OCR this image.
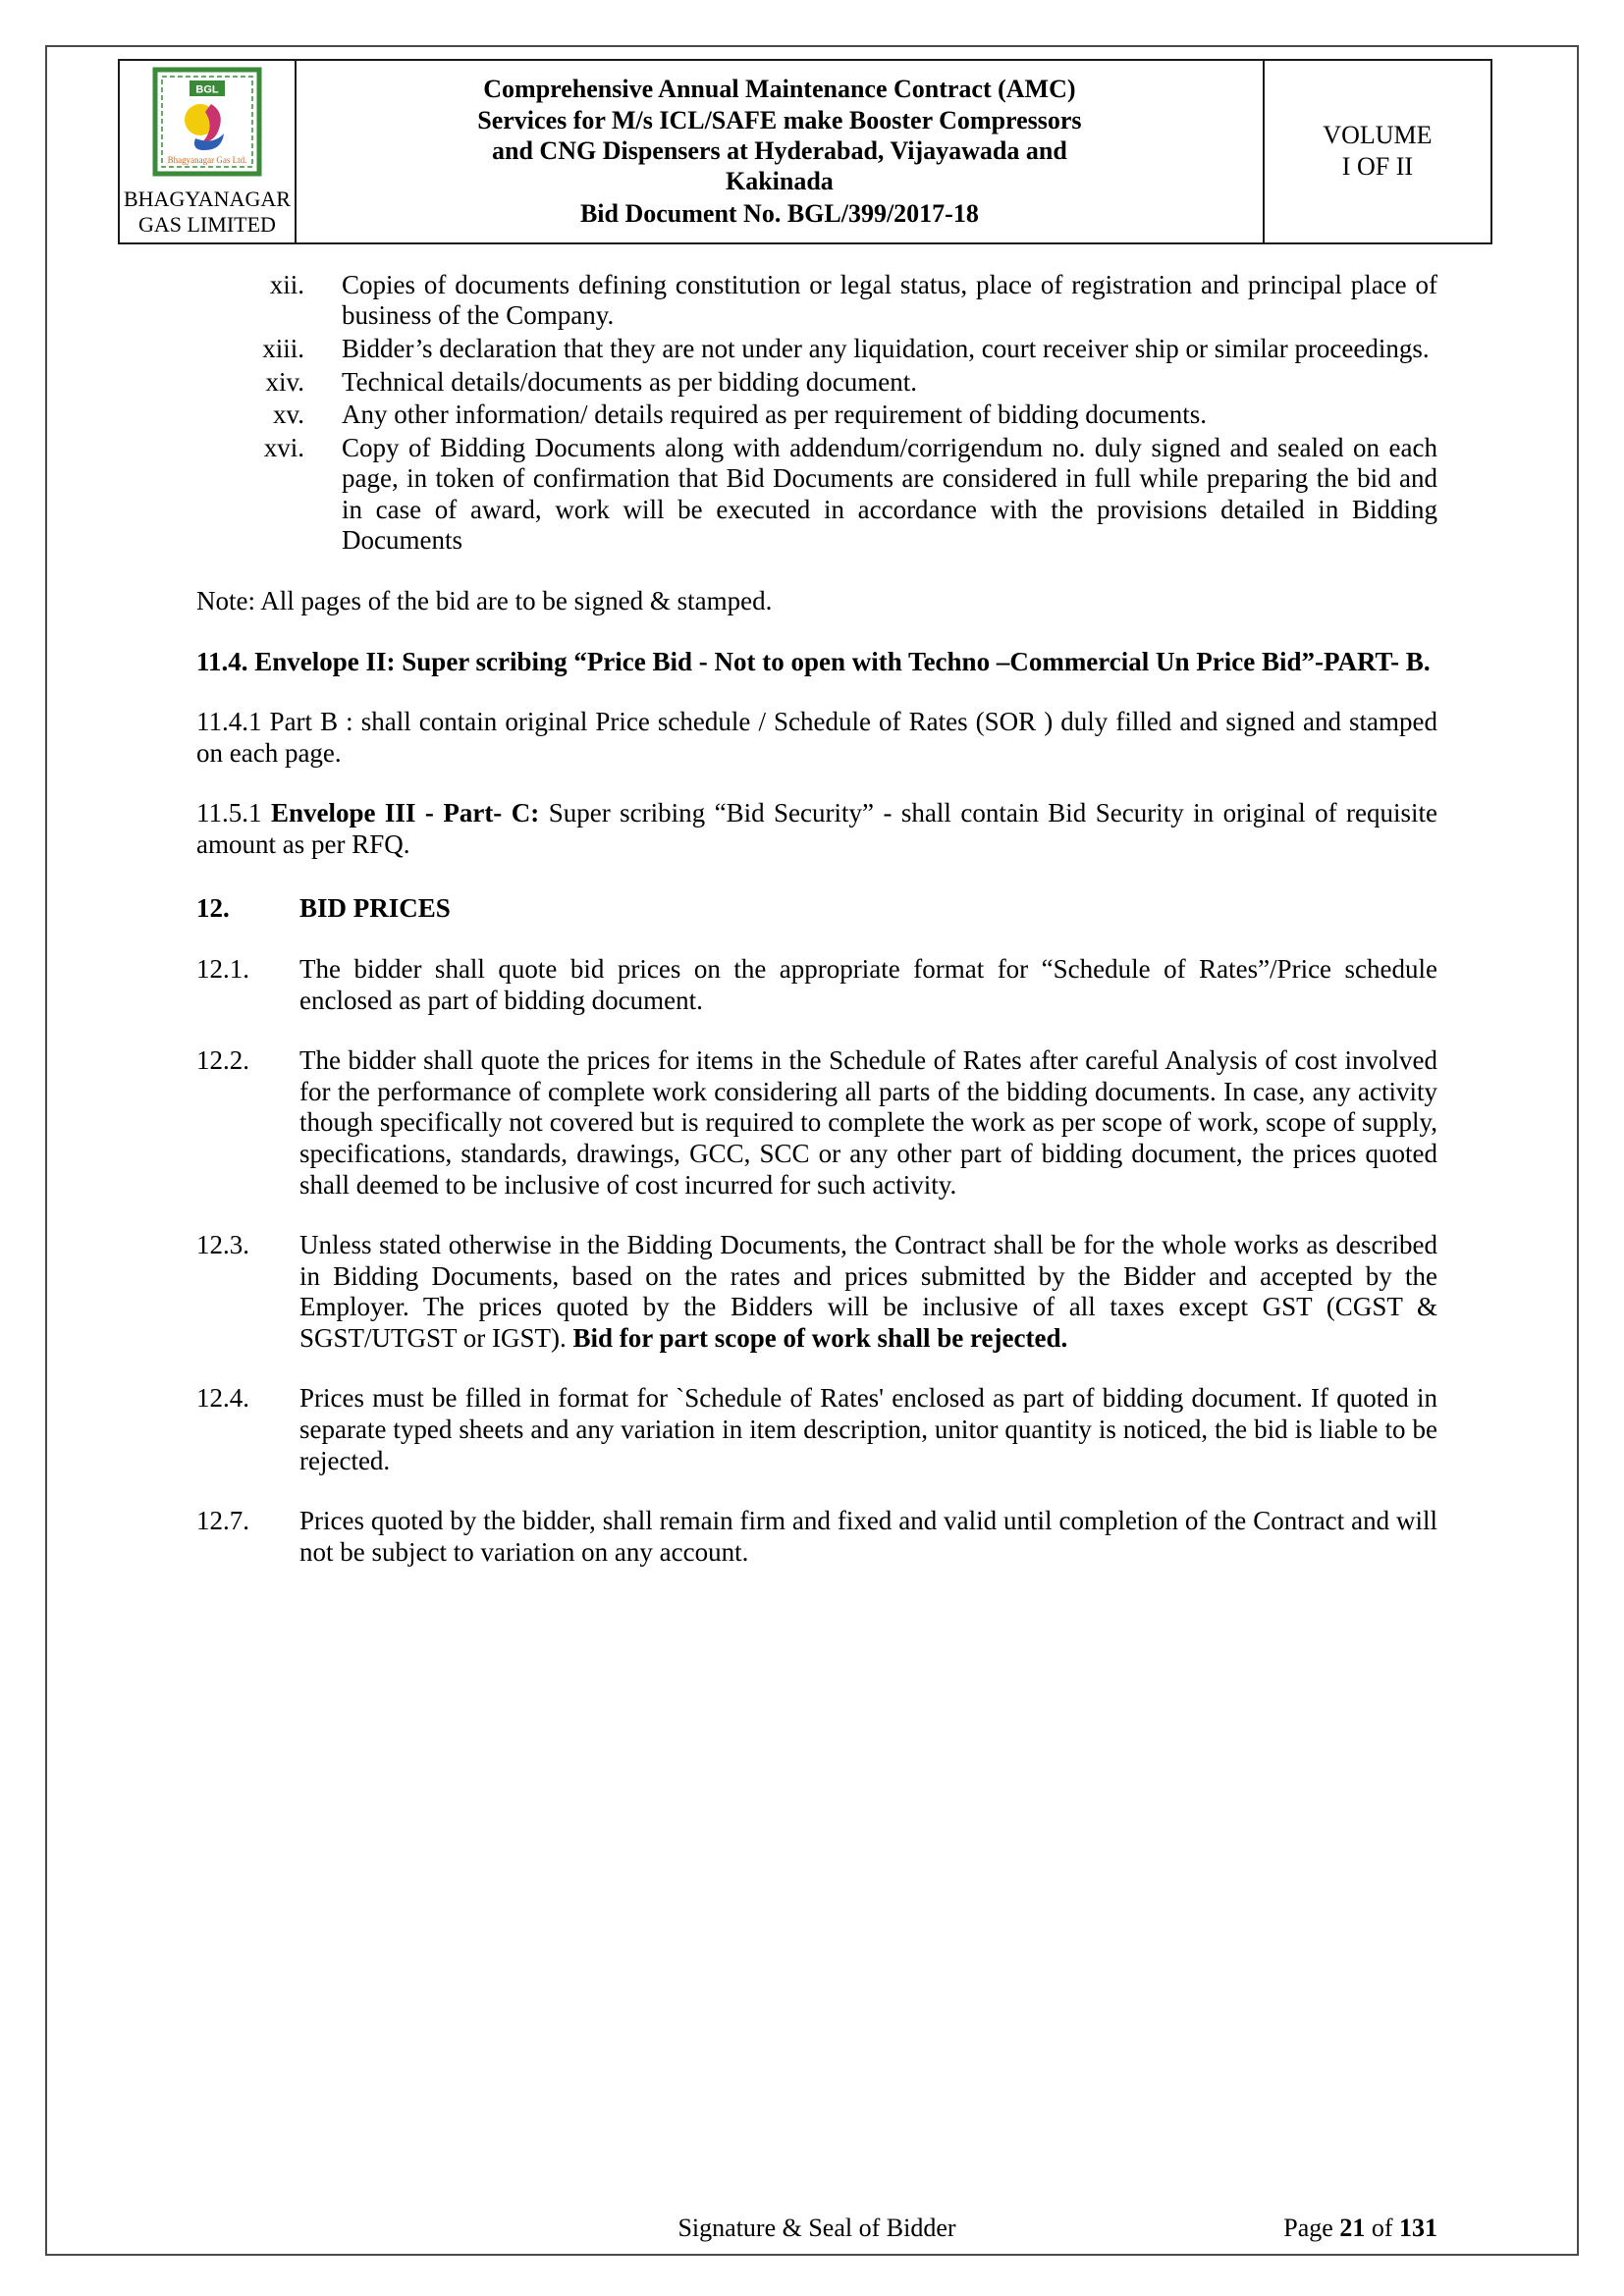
BGL
Bhagyanagar Gas Ltd.
BHAGYANAGAR
GAS LIMITED

Comprehensive Annual Maintenance Contract (AMC)
Services for M/s ICL/SAFE make Booster Compressors
and CNG Dispensers at Hyderabad, Vijayawada and
Kakinada
Bid Document No. BGL/399/2017-18

VOLUME
I OF II
xii. Copies of documents defining constitution or legal status, place of registration and principal place of business of the Company.
xiii. Bidder’s declaration that they are not under any liquidation, court receiver ship or similar proceedings.
xiv. Technical details/documents as per bidding document.
xv. Any other information/ details required as per requirement of bidding documents.
xvi. Copy of Bidding Documents along with addendum/corrigendum no. duly signed and sealed on each page, in token of confirmation that Bid Documents are considered in full while preparing the bid and in case of award, work will be executed in accordance with the provisions detailed in Bidding Documents

Note: All pages of the bid are to be signed & stamped.

11.4. Envelope II: Super scribing “Price Bid - Not to open with Techno –Commercial Un Price Bid”-PART- B.

11.4.1 Part B : shall contain original Price schedule / Schedule of Rates (SOR ) duly filled and signed and stamped on each page.

11.5.1 Envelope III - Part- C: Super scribing “Bid Security” - shall contain Bid Security in original of requisite amount as per RFQ.

12.	BID PRICES

12.1. The bidder shall quote bid prices on the appropriate format for “Schedule of Rates”/Price schedule enclosed as part of bidding document.

12.2. The bidder shall quote the prices for items in the Schedule of Rates after careful Analysis of cost involved for the performance of complete work considering all parts of the bidding documents. In case, any activity though specifically not covered but is required to complete the work as per scope of work, scope of supply, specifications, standards, drawings, GCC, SCC or any other part of bidding document, the prices quoted shall deemed to be inclusive of cost incurred for such activity.

12.3. Unless stated otherwise in the Bidding Documents, the Contract shall be for the whole works as described in Bidding Documents, based on the rates and prices submitted by the Bidder and accepted by the Employer. The prices quoted by the Bidders will be inclusive of all taxes except GST (CGST & SGST/UTGST or IGST). Bid for part scope of work shall be rejected.

12.4. Prices must be filled in format for `Schedule of Rates' enclosed as part of bidding document. If quoted in separate typed sheets and any variation in item description, unitor quantity is noticed, the bid is liable to be rejected.

12.7. Prices quoted by the bidder, shall remain firm and fixed and valid until completion of the Contract and will not be subject to variation on any account.

Signature & Seal of Bidder	Page 21 of 131
